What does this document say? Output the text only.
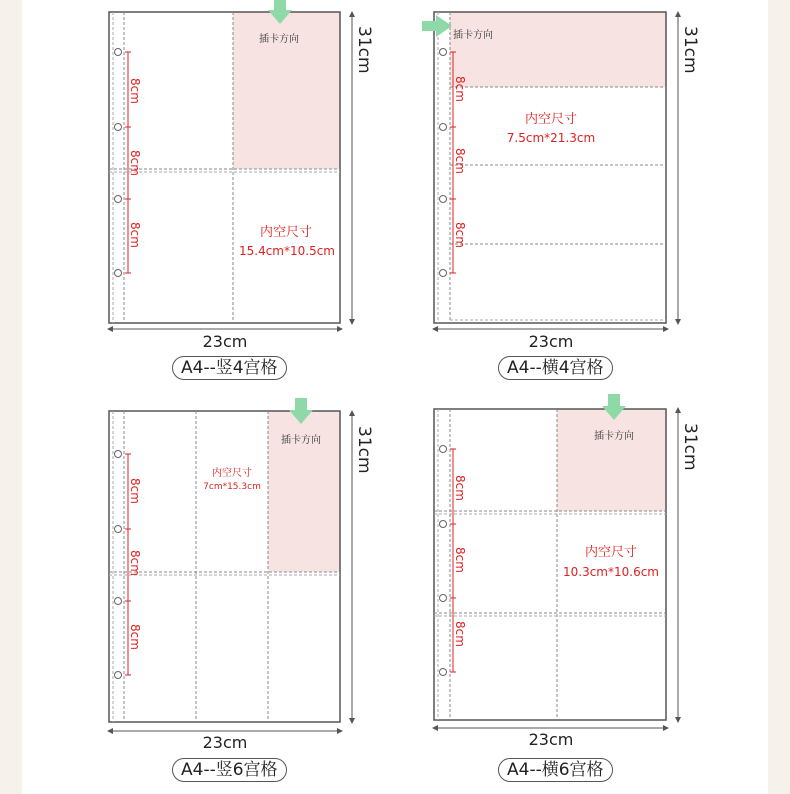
8cm
8cm
8cm
插卡方向
内空尺寸
15.4cm*10.5cm
31cm
23cm
8cm
8cm
8cm
插卡方向
内空尺寸
7.5cm*21.3cm
31cm
23cm
8cm
8cm
8cm
插卡方向
内空尺寸
7cm*15.3cm
31cm
23cm
8cm
8cm
8cm
插卡方向
内空尺寸
10.3cm*10.6cm
31cm
23cm
A4--竖4宫格	A4--横4宫格
A4--竖6宫格	A4--横6宫格
